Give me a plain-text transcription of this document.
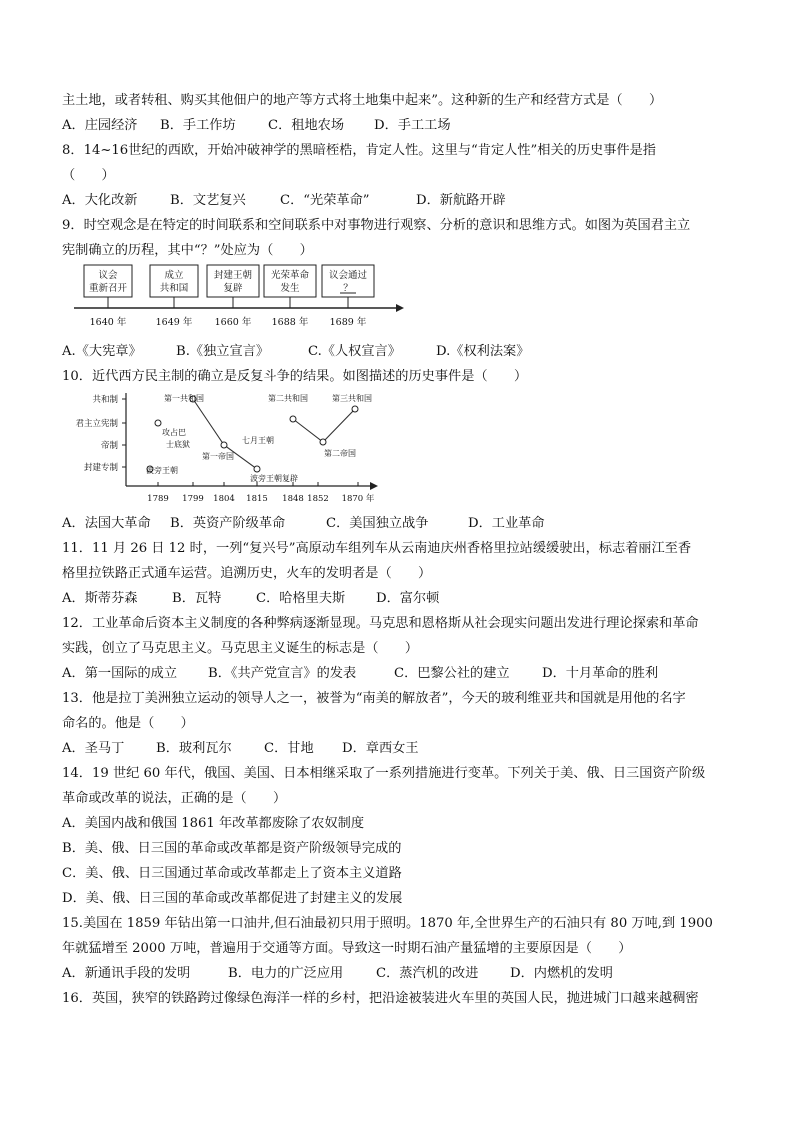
主土地，或者转租、购买其他佃户的地产等方式将土地集中起来”。这种新的生产和经营方式是（　　）
A．庄园经济 B．手工作坊 C．租地农场 D．手工工场
8．14~16世纪的西欧，开始冲破神学的黑暗桎梏，肯定人性。这里与“肯定人性”相关的历史事件是指
（　　）
A．大化改新 B．文艺复兴	C．“光荣革命”	D．新航路开辟
9．时空观念是在特定的时间联系和空间联系中对事物进行观察、分析的意识和思维方式。如图为英国君主立
宪制确立的历程，其中“？”处应为（　　）
议会
重新召开
1640 年
成立
共和国
1649 年
封建王朝
复辟
1660 年
光荣革命
发生
1688 年
议会通过
？
1689 年
A.《大宪章》	B.《独立宣言》	C.《人权宣言》	D.《权利法案》
10．近代西方民主制的确立是反复斗争的结果。如图描述的历史事件是（　　）
共和制
君主立宪制
帝制
封建专制
1789 1799 1804 1815 1848 1852 1870 年
第一共和国
攻占巴
士底狱
第一帝国
波旁王朝
波旁王朝复辟
七月王朝
第二共和国	第三共和国
第二帝国
A．法国大革命 B．英资产阶级革命	C．美国独立战争	D．工业革命
11．11 月 26 日 12 时，一列“复兴号”高原动车组列车从云南迪庆州香格里拉站缓缓驶出，标志着丽江至香
格里拉铁路正式通车运营。追溯历史，火车的发明者是（　　）
A．斯蒂芬森	B．瓦特	C．哈格里夫斯 D．富尔顿
12．工业革命后资本主义制度的各种弊病逐渐显现。马克思和恩格斯从社会现实问题出发进行理论探索和革命
实践，创立了马克思主义。马克思主义诞生的标志是（　　）
A．第一国际的成立 B．《共产党宣言》的发表	C．巴黎公社的建立 D．十月革命的胜利
13．他是拉丁美洲独立运动的领导人之一，被誉为“南美的解放者”，今天的玻利维亚共和国就是用他的名字
命名的。他是（　　）
A．圣马丁 B．玻利瓦尔 C．甘地 D．章西女王
14．19 世纪 60 年代，俄国、美国、日本相继采取了一系列措施进行变革。下列关于美、俄、日三国资产阶级
革命或改革的说法，正确的是（　　）
A．美国内战和俄国 1861 年改革都废除了农奴制度
B．美、俄、日三国的革命或改革都是资产阶级领导完成的
C．美、俄、日三国通过革命或改革都走上了资本主义道路
D．美、俄、日三国的革命或改革都促进了封建主义的发展
15.美国在 1859 年钻出第一口油井,但石油最初只用于照明。1870 年,全世界生产的石油只有 80 万吨,到 1900
年就猛增至 2000 万吨，普遍用于交通等方面。导致这一时期石油产量猛增的主要原因是（　　）
A．新通讯手段的发明	B．电力的广泛应用 C．蒸汽机的改进 D．内燃机的发明
16．英国，狭窄的铁路跨过像绿色海洋一样的乡村，把沿途被装进火车里的英国人民，抛进城门口越来越稠密
